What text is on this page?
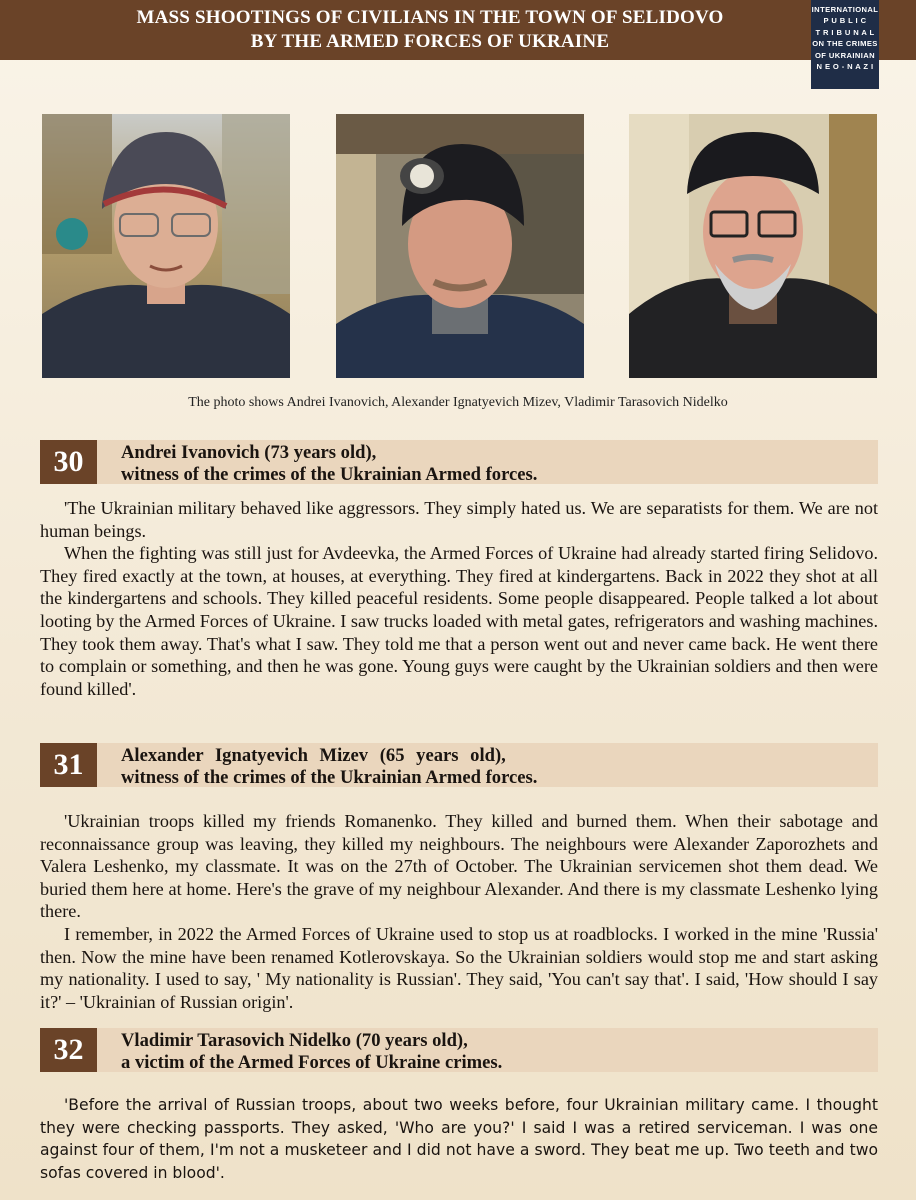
MASS SHOOTINGS OF CIVILIANS IN THE TOWN OF SELIDOVO
BY THE ARMED FORCES OF UKRAINE
INTERNATIONAL
P U B L I C
T R I B U N A L
ON THE CRIMES
OF UKRAINIAN
N E O - N A Z I
The photo shows Andrei Ivanovich, Alexander Ignatyevich Mizev, Vladimir Tarasovich Nidelko
30	Andrei Ivanovich (73 years old),
witness of the crimes of the Ukrainian Armed forces.

'The Ukrainian military behaved like aggressors. They simply hated us. We are separatists for them. We are not human beings.

When the fighting was still just for Avdeevka, the Armed Forces of Ukraine had already started firing Selidovo. They fired exactly at the town, at houses, at everything. They fired at kindergartens. Back in 2022 they shot at all the kindergartens and schools. They killed peaceful residents. Some people disappeared. People talked a lot about looting by the Armed Forces of Ukraine. I saw trucks loaded with metal gates, refrigerators and washing machines. They took them away. That's what I saw. They told me that a person went out and never came back. He went there to complain or something, and then he was gone. Young guys were caught by the Ukrainian soldiers and then were found killed'.

31	Alexander Ignatyevich Mizev (65 years old),
witness of the crimes of the Ukrainian Armed forces.

'Ukrainian troops killed my friends Romanenko. They killed and burned them. When their sabotage and reconnaissance group was leaving, they killed my neighbours. The neighbours were Alexander Zaporozhets and Valera Leshenko, my classmate. It was on the 27th of October. The Ukrainian servicemen shot them dead. We buried them here at home. Here's the grave of my neighbour Alexander. And there is my classmate Leshenko lying there.

I remember, in 2022 the Armed Forces of Ukraine used to stop us at roadblocks. I worked in the mine 'Russia' then. Now the mine have been renamed Kotlerovskaya. So the Ukrainian soldiers would stop me and start asking my nationality. I used to say, ' My nationality is Russian'. They said, 'You can't say that'. I said, 'How should I say it?' – 'Ukrainian of Russian origin'.

32	Vladimir Tarasovich Nidelko (70 years old),
a victim of the Armed Forces of Ukraine crimes.

'Before the arrival of Russian troops, about two weeks before, four Ukrainian military came. I thought they were checking passports. They asked, 'Who are you?' I said I was a retired serviceman. I was one against four of them, I'm not a musketeer and I did not have a sword. They beat me up. Two teeth and two sofas covered in blood'.
